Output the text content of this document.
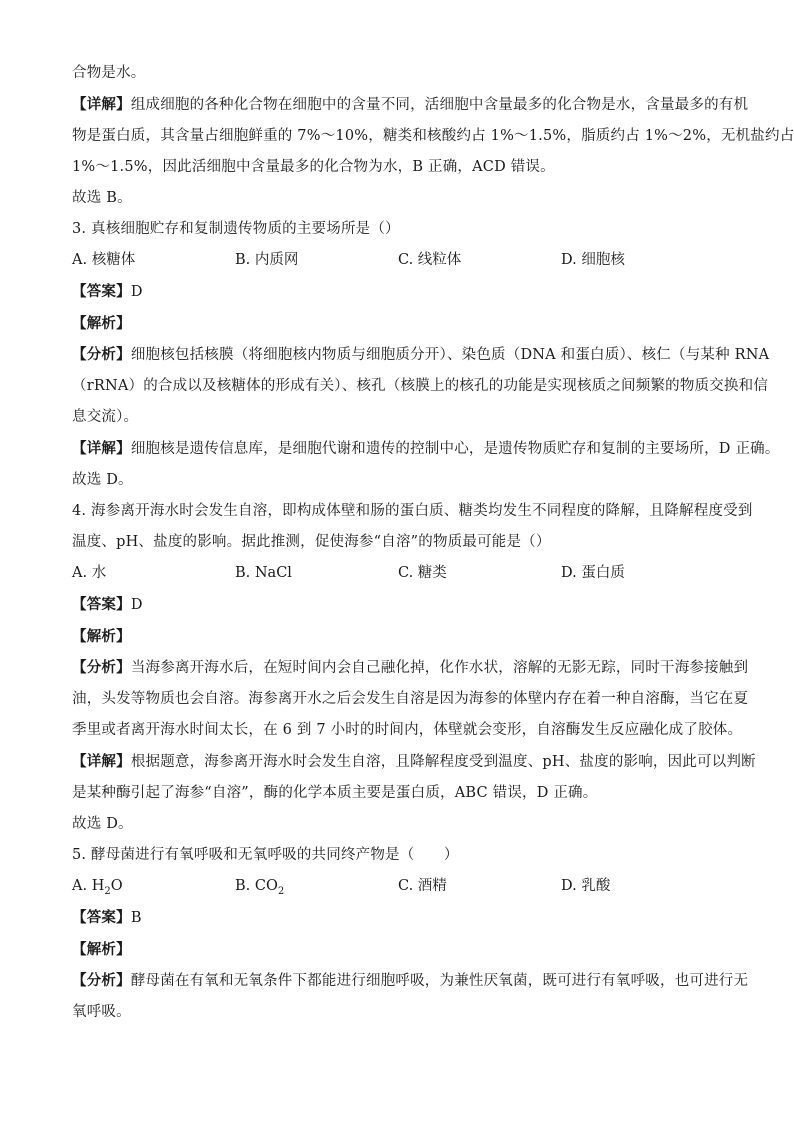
合物是水。
【详解】组成细胞的各种化合物在细胞中的含量不同，活细胞中含量最多的化合物是水，含量最多的有机
物是蛋白质，其含量占细胞鲜重的 7%～10%，糖类和核酸约占 1%～1.5%，脂质约占 1%～2%，无机盐约占
1%～1.5%，因此活细胞中含量最多的化合物为水，B 正确，ACD 错误。
故选 B。
3. 真核细胞贮存和复制遗传物质的主要场所是（）
A. 核糖体	B. 内质网	C. 线粒体	D. 细胞核
【答案】D
【解析】
【分析】细胞核包括核膜（将细胞核内物质与细胞质分开）、染色质（DNA 和蛋白质）、核仁（与某种 RNA
（rRNA）的合成以及核糖体的形成有关）、核孔（核膜上的核孔的功能是实现核质之间频繁的物质交换和信
息交流）。
【详解】细胞核是遗传信息库，是细胞代谢和遗传的控制中心，是遗传物质贮存和复制的主要场所，D 正确。
故选 D。
4. 海参离开海水时会发生自溶，即构成体壁和肠的蛋白质、糖类均发生不同程度的降解，且降解程度受到
温度、pH、盐度的影响。据此推测，促使海参“自溶”的物质最可能是（）
A. 水	B. NaCl	C. 糖类	D. 蛋白质
【答案】D
【解析】
【分析】当海参离开海水后，在短时间内会自己融化掉，化作水状，溶解的无影无踪，同时干海参接触到
油，头发等物质也会自溶。海参离开水之后会发生自溶是因为海参的体壁内存在着一种自溶酶，当它在夏
季里或者离开海水时间太长，在 6 到 7 小时的时间内，体壁就会变形，自溶酶发生反应融化成了胶体。
【详解】根据题意，海参离开海水时会发生自溶，且降解程度受到温度、pH、盐度的影响，因此可以判断
是某种酶引起了海参“自溶”，酶的化学本质主要是蛋白质，ABC 错误，D 正确。
故选 D。
5. 酵母菌进行有氧呼吸和无氧呼吸的共同终产物是（　　）
A. $H_2O$	B. $CO_2$	C. 酒精	D. 乳酸
【答案】B
【解析】
【分析】酵母菌在有氧和无氧条件下都能进行细胞呼吸，为兼性厌氧菌，既可进行有氧呼吸，也可进行无
氧呼吸。
